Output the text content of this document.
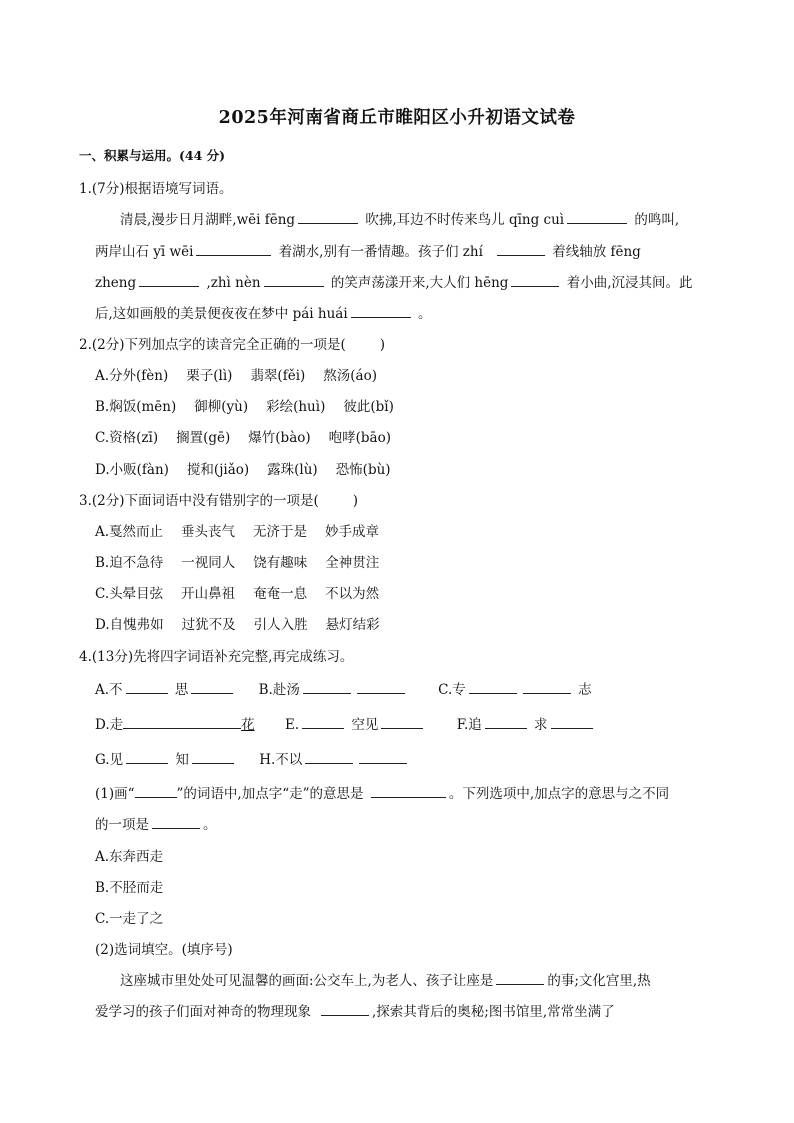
2025年河南省商丘市睢阳区小升初语文试卷
一、积累与运用。(44 分)
1.(7分)根据语境写词语。
清晨,漫步日月湖畔,wēi fēng	吹拂,耳边不时传来鸟儿 qīng cuì	的鸣叫,
两岸山石 yī wēi	着湖水,别有一番情趣。孩子们 zhí	着线轴放 fēng
zheng	,zhì nèn	的笑声荡漾开来,大人们 hēng	着小曲,沉浸其间。此
后,这如画般的美景便夜夜在梦中 pái huái	。
2.(2分)下列加点字的读音完全正确的一项是(	)
A.分外(fèn) 栗子(lì) 翡翠(fěi) 熬汤(áo)
B.焖饭(mēn) 御柳(yù) 彩绘(huì) 彼此(bǐ)
C.资格(zī) 搁置(gē) 爆竹(bào) 咆哮(bāo)
D.小贩(fàn) 搅和(jiǎo) 露珠(lù) 恐怖(bù)
3.(2分)下面词语中没有错别字的一项是(	)
A.戛然而止 垂头丧气 无济于是 妙手成章
B.迫不急待 一视同人 饶有趣味 全神贯注
C.头晕目弦 开山鼻祖 奄奄一息 不以为然
D.自愧弗如 过犹不及 引人入胜 悬灯结彩
4.(13分)先将四字词语补充完整,再完成练习。
A.不	思	B.赴汤	C.专	志
D.走	花 E.	空见	F.追	求
G.见	知	H.不以
(1)画“	”的词语中,加点字“走”的意思是	。下列选项中,加点字的意思与之不同
的一项是	。
A.东奔西走
B.不胫而走
C.一走了之
(2)选词填空。(填序号)
这座城市里处处可见温馨的画面:公交车上,为老人、孩子让座是	的事;文化宫里,热
爱学习的孩子们面对神奇的物理现象	,探索其背后的奥秘;图书馆里,常常坐满了
